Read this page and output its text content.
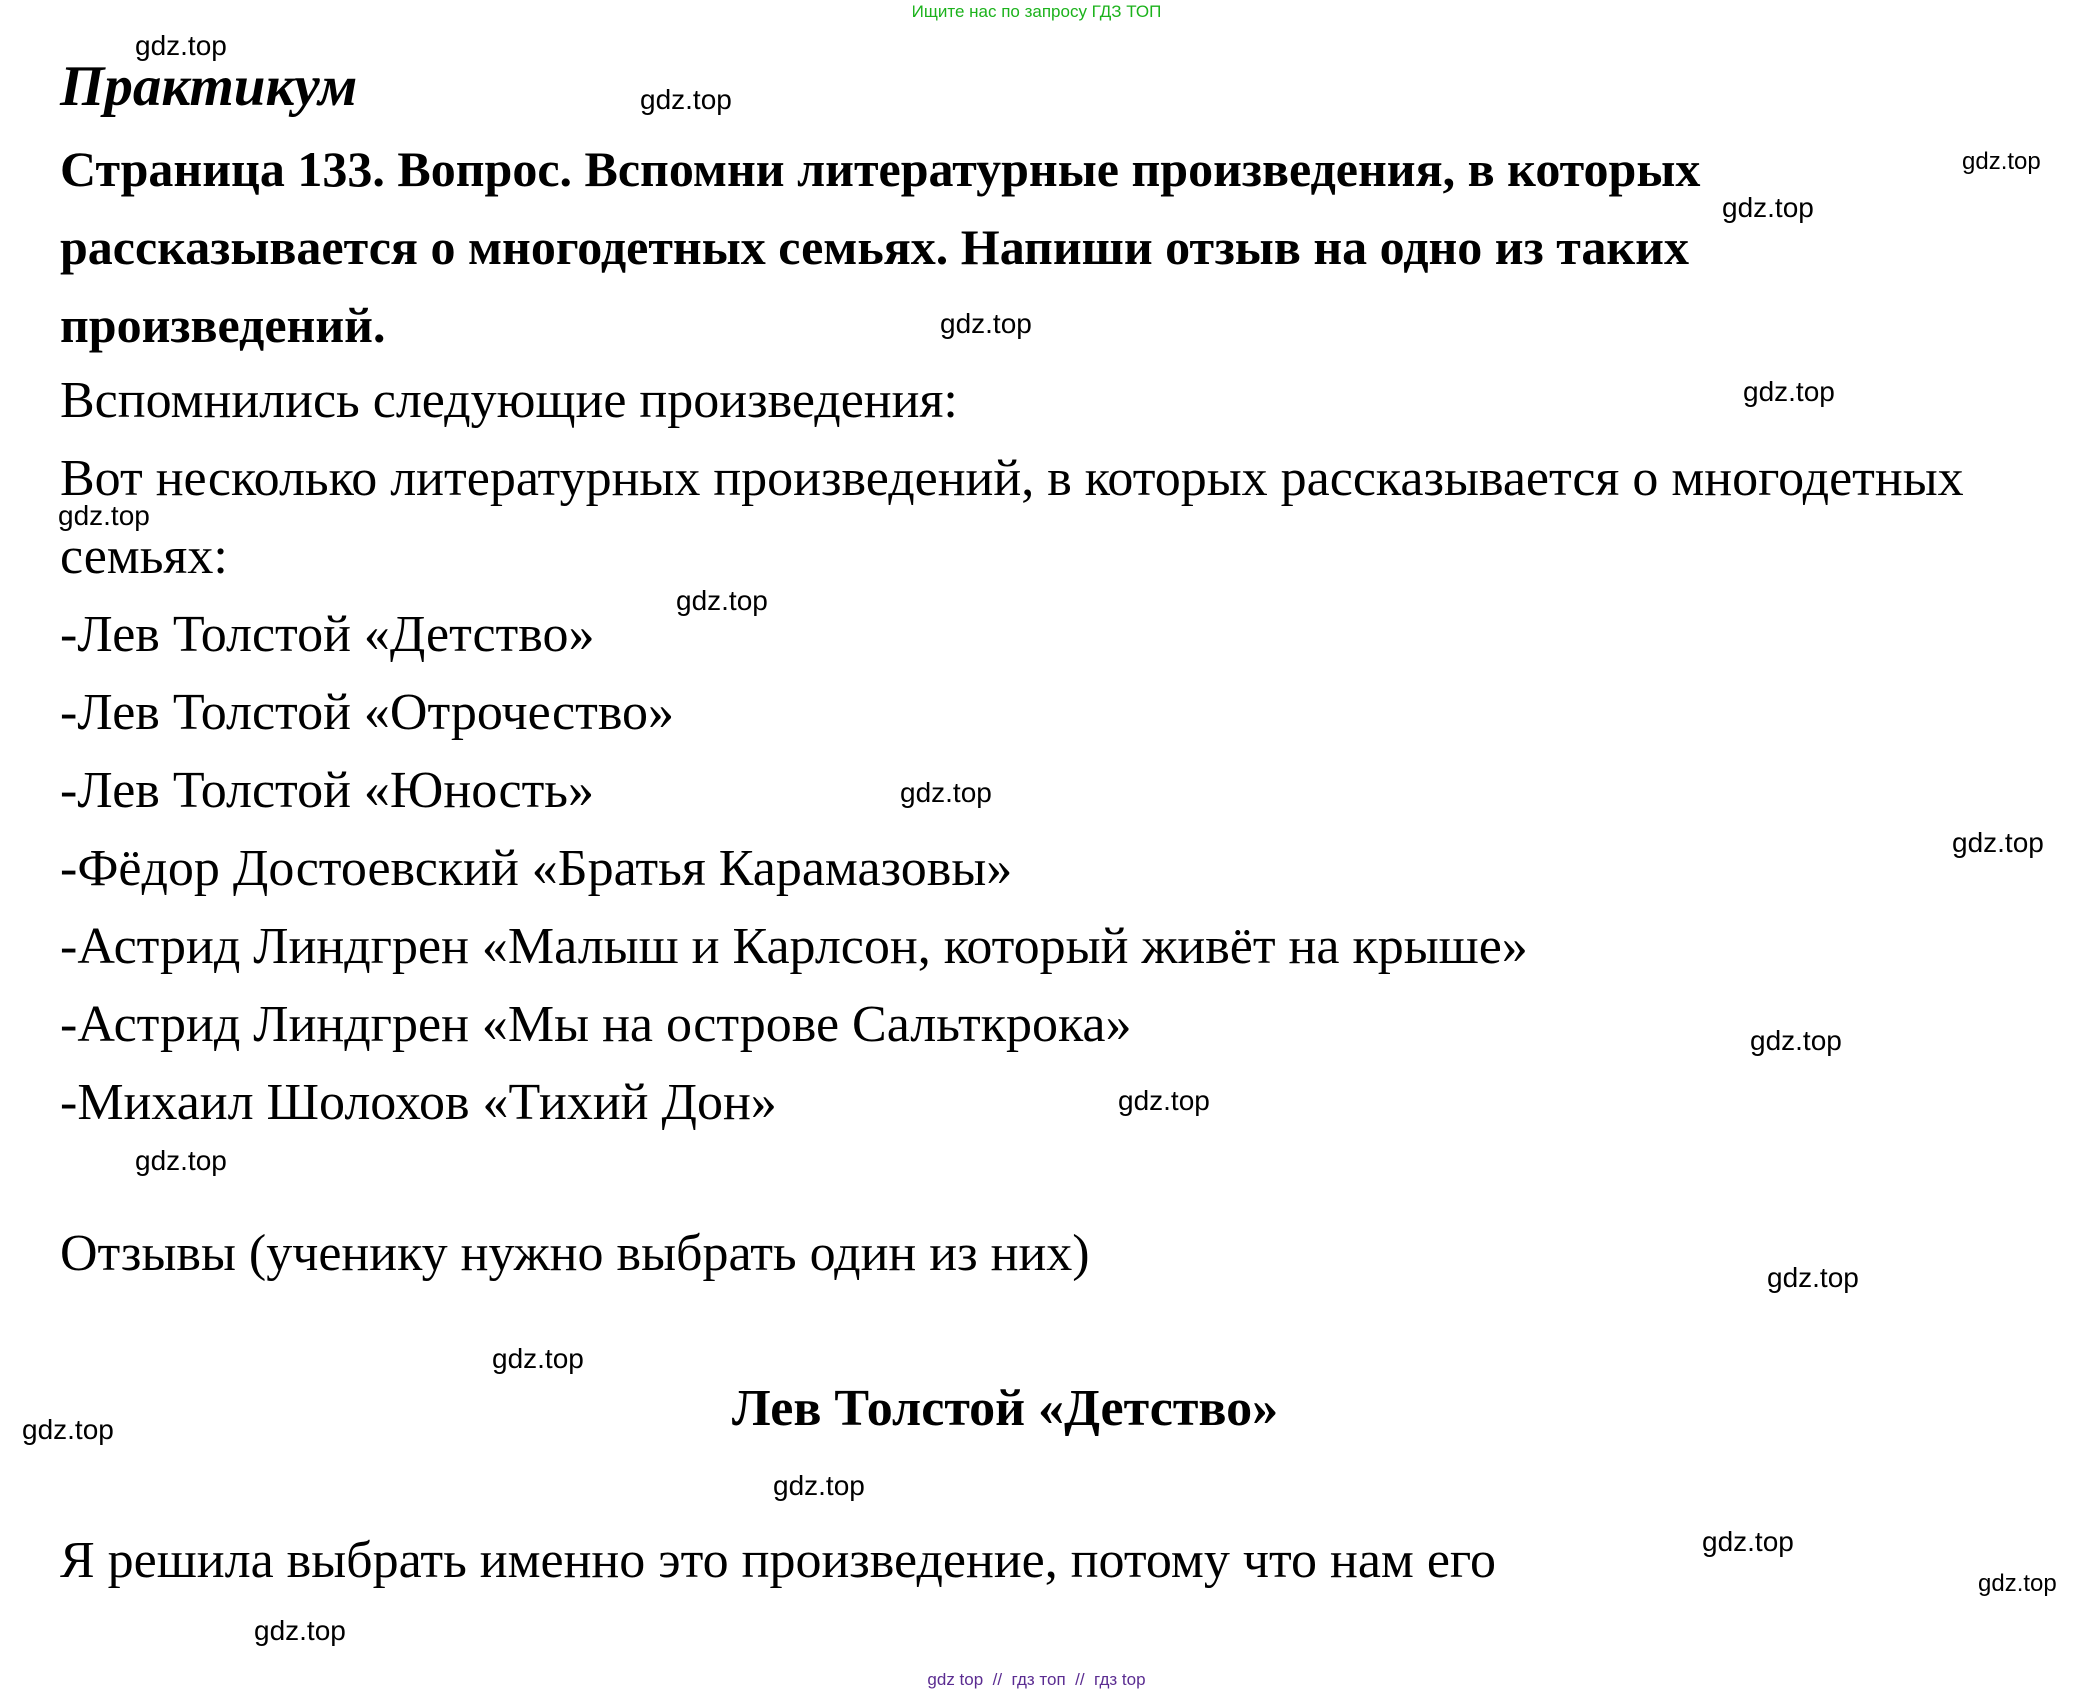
Ищите нас по запросу ГДЗ ТОП
Практикум
Страница 133. Вопрос. Вспомни литературные произведения, в которых рассказывается о многодетных семьях. Напиши отзыв на одно из таких произведений.

Вспомнились следующие произведения:

Вот несколько литературных произведений, в которых рассказывается о многодетных семьях:

-Лев Толстой «Детство»
-Лев Толстой «Отрочество»
-Лев Толстой «Юность»
-Фёдор Достоевский «Братья Карамазовы»
-Астрид Линдгрен «Малыш и Карлсон, который живёт на крыше»
-Астрид Линдгрен «Мы на острове Сальткрока»
-Михаил Шолохов «Тихий Дон»

Отзывы (ученику нужно выбрать один из них)

Лев Толстой «Детство»

Я решила выбрать именно это произведение, потому что нам его

gdz.top
gdz.top
gdz.top
gdz.top
gdz.top
gdz.top
gdz.top
gdz.top
gdz.top
gdz.top
gdz.top
gdz.top
gdz.top
gdz.top
gdz.top
gdz.top
gdz.top
gdz.top
gdz.top
gdz.top
gdz top // гдз топ // гдз top
